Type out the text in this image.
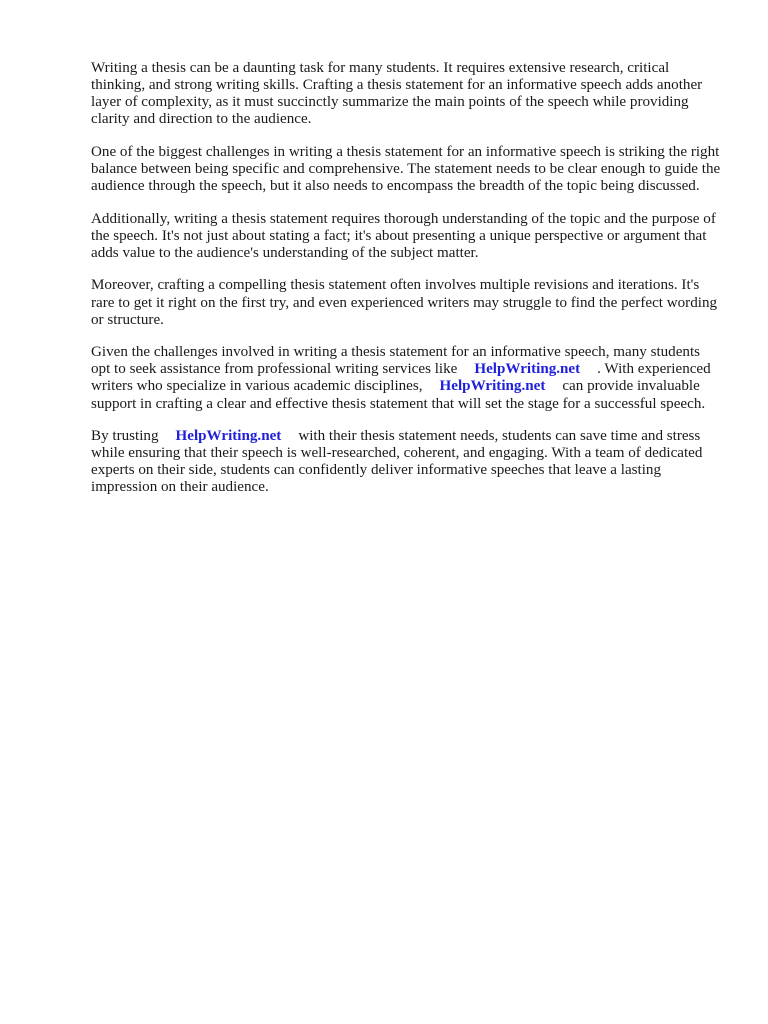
Writing a thesis can be a daunting task for many students. It requires extensive research, critical thinking, and strong writing skills. Crafting a thesis statement for an informative speech adds another layer of complexity, as it must succinctly summarize the main points of the speech while providing clarity and direction to the audience.

One of the biggest challenges in writing a thesis statement for an informative speech is striking the right balance between being specific and comprehensive. The statement needs to be clear enough to guide the audience through the speech, but it also needs to encompass the breadth of the topic being discussed.

Additionally, writing a thesis statement requires thorough understanding of the topic and the purpose of the speech. It's not just about stating a fact; it's about presenting a unique perspective or argument that adds value to the audience's understanding of the subject matter.

Moreover, crafting a compelling thesis statement often involves multiple revisions and iterations. It's rare to get it right on the first try, and even experienced writers may struggle to find the perfect wording or structure.

Given the challenges involved in writing a thesis statement for an informative speech, many students opt to seek assistance from professional writing services like HelpWriting.net . With experienced writers who specialize in various academic disciplines, HelpWriting.net can provide invaluable support in crafting a clear and effective thesis statement that will set the stage for a successful speech.

By trusting HelpWriting.net with their thesis statement needs, students can save time and stress while ensuring that their speech is well-researched, coherent, and engaging. With a team of dedicated experts on their side, students can confidently deliver informative speeches that leave a lasting impression on their audience.
